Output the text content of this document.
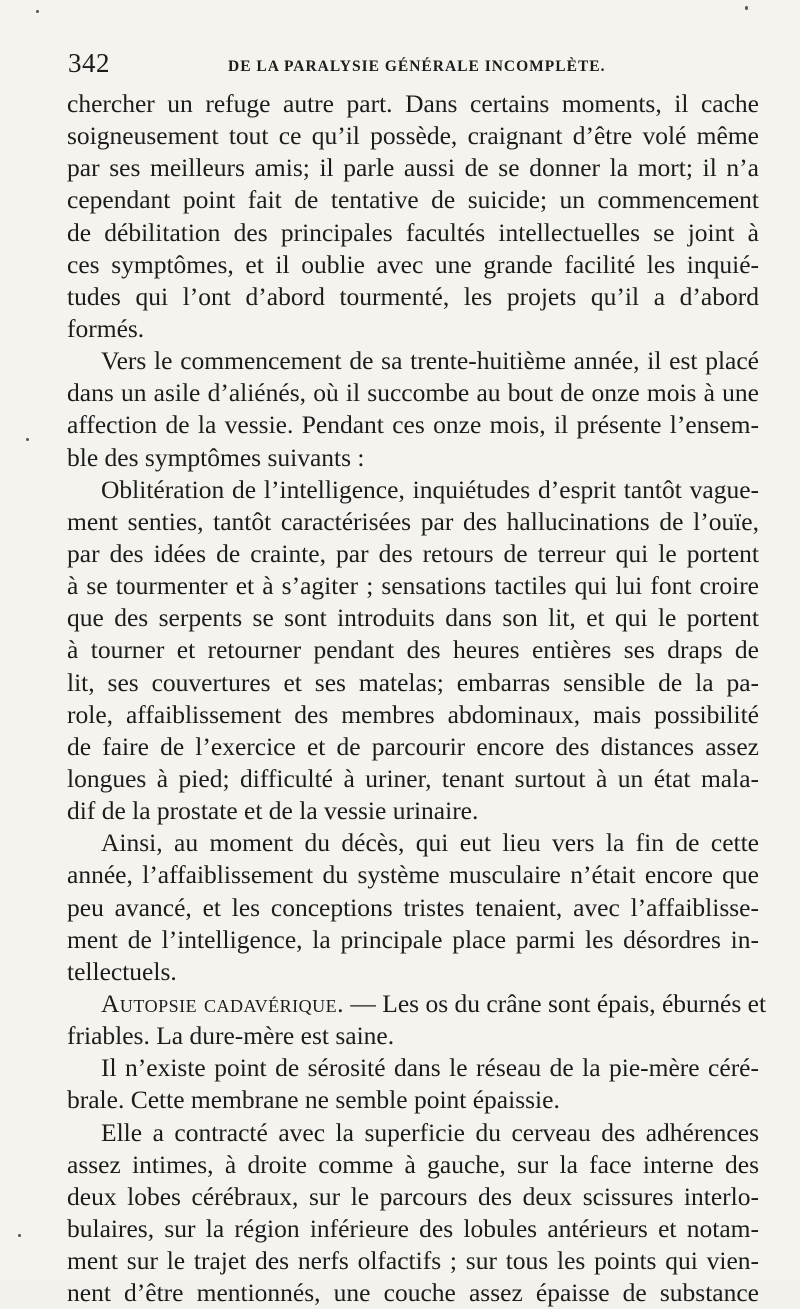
342	DE LA PARALYSIE GÉNÉRALE INCOMPLÈTE.
chercher un refuge autre part. Dans certains moments, il cache
soigneusement tout ce qu’il possède, craignant d’être volé même
par ses meilleurs amis; il parle aussi de se donner la mort; il n’a
cependant point fait de tentative de suicide; un commencement
de débilitation des principales facultés intellectuelles se joint à
ces symptômes, et il oublie avec une grande facilité les inquié-
tudes qui l’ont d’abord tourmenté, les projets qu’il a d’abord
formés.
Vers le commencement de sa trente-huitième année, il est placé
dans un asile d’aliénés, où il succombe au bout de onze mois à une
affection de la vessie. Pendant ces onze mois, il présente l’ensem-
ble des symptômes suivants :
Oblitération de l’intelligence, inquiétudes d’esprit tantôt vague-
ment senties, tantôt caractérisées par des hallucinations de l’ouïe,
par des idées de crainte, par des retours de terreur qui le portent
à se tourmenter et à s’agiter ; sensations tactiles qui lui font croire
que des serpents se sont introduits dans son lit, et qui le portent
à tourner et retourner pendant des heures entières ses draps de
lit, ses couvertures et ses matelas; embarras sensible de la pa-
role, affaiblissement des membres abdominaux, mais possibilité
de faire de l’exercice et de parcourir encore des distances assez
longues à pied; difficulté à uriner, tenant surtout à un état mala-
dif de la prostate et de la vessie urinaire.
Ainsi, au moment du décès, qui eut lieu vers la fin de cette
année, l’affaiblissement du système musculaire n’était encore que
peu avancé, et les conceptions tristes tenaient, avec l’affaiblisse-
ment de l’intelligence, la principale place parmi les désordres in-
tellectuels.
Autopsie cadavérique. — Les os du crâne sont épais, éburnés et
friables. La dure-mère est saine.
Il n’existe point de sérosité dans le réseau de la pie-mère céré-
brale. Cette membrane ne semble point épaissie.
Elle a contracté avec la superficie du cerveau des adhérences
assez intimes, à droite comme à gauche, sur la face interne des
deux lobes cérébraux, sur le parcours des deux scissures interlo-
bulaires, sur la région inférieure des lobules antérieurs et notam-
ment sur le trajet des nerfs olfactifs ; sur tous les points qui vien-
nent d’être mentionnés, une couche assez épaisse de substance
